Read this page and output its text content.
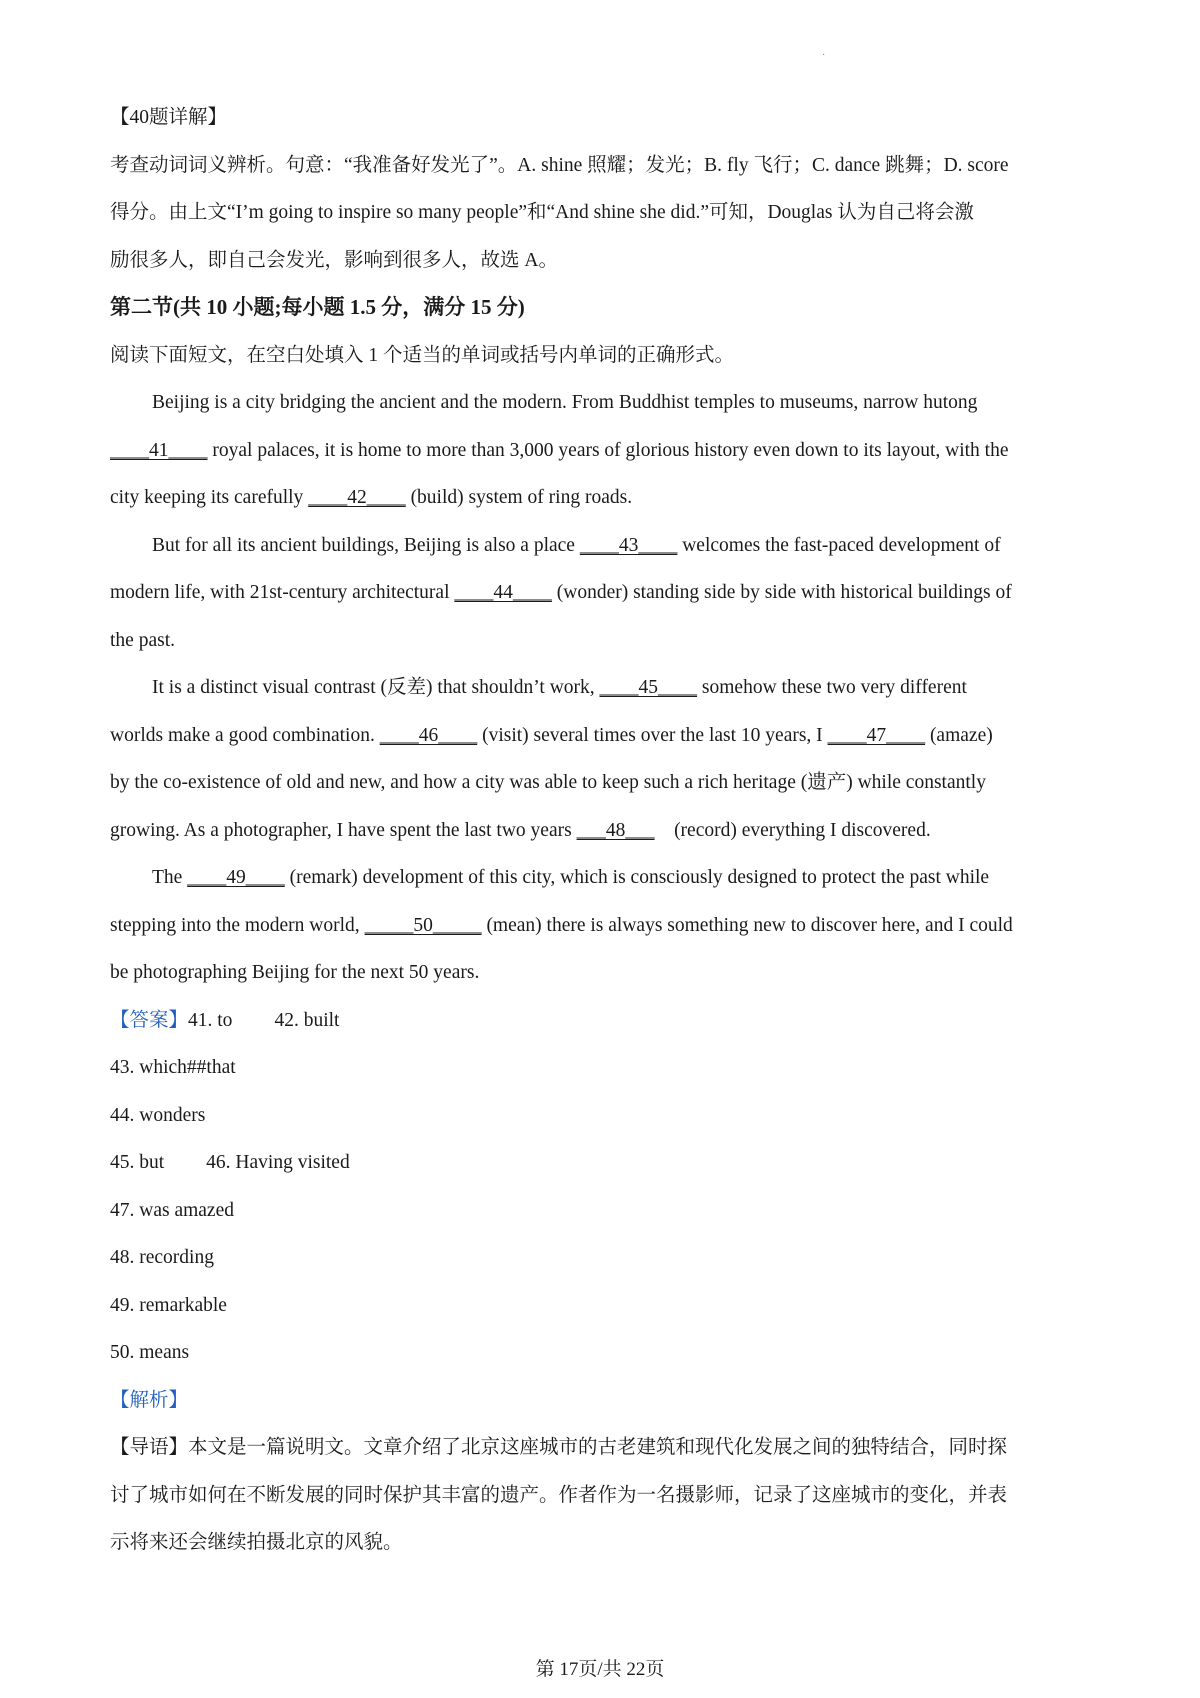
·
【40题详解】
考查动词词义辨析。句意：“我准备好发光了”。A. shine 照耀；发光；B. fly 飞行；C. dance 跳舞；D. score
得分。由上文“I’m going to inspire so many people”和“And shine she did.”可知，Douglas 认为自己将会激
励很多人，即自己会发光，影响到很多人，故选 A。
第二节(共 10 小题;每小题 1.5 分，满分 15 分)
阅读下面短文，在空白处填入 1 个适当的单词或括号内单词的正确形式。
Beijing is a city bridging the ancient and the modern. From Buddhist temples to museums, narrow hutong
____41____ royal palaces, it is home to more than 3,000 years of glorious history even down to its layout, with the
city keeping its carefully ____42____ (build) system of ring roads.
But for all its ancient buildings, Beijing is also a place ____43____ welcomes the fast-paced development of
modern life, with 21st-century architectural ____44____ (wonder) standing side by side with historical buildings of
the past.
It is a distinct visual contrast (反差) that shouldn’t work, ____45____ somehow these two very different
worlds make a good combination. ____46____ (visit) several times over the last 10 years, I ____47____ (amaze)
by the co-existence of old and new, and how a city was able to keep such a rich heritage (遗产) while constantly
growing. As a photographer, I have spent the last two years ___48___    (record) everything I discovered.
The ____49____ (remark) development of this city, which is consciously designed to protect the past while
stepping into the modern world, _____50_____ (mean) there is always something new to discover here, and I could
be photographing Beijing for the next 50 years.
【答案】41. to 42. built
43. which##that
44. wonders
45. but 46. Having visited
47. was amazed
48. recording
49. remarkable
50. means
【解析】
【导语】本文是一篇说明文。文章介绍了北京这座城市的古老建筑和现代化发展之间的独特结合，同时探
讨了城市如何在不断发展的同时保护其丰富的遗产。作者作为一名摄影师，记录了这座城市的变化，并表
示将来还会继续拍摄北京的风貌。
第 17页/共 22页
